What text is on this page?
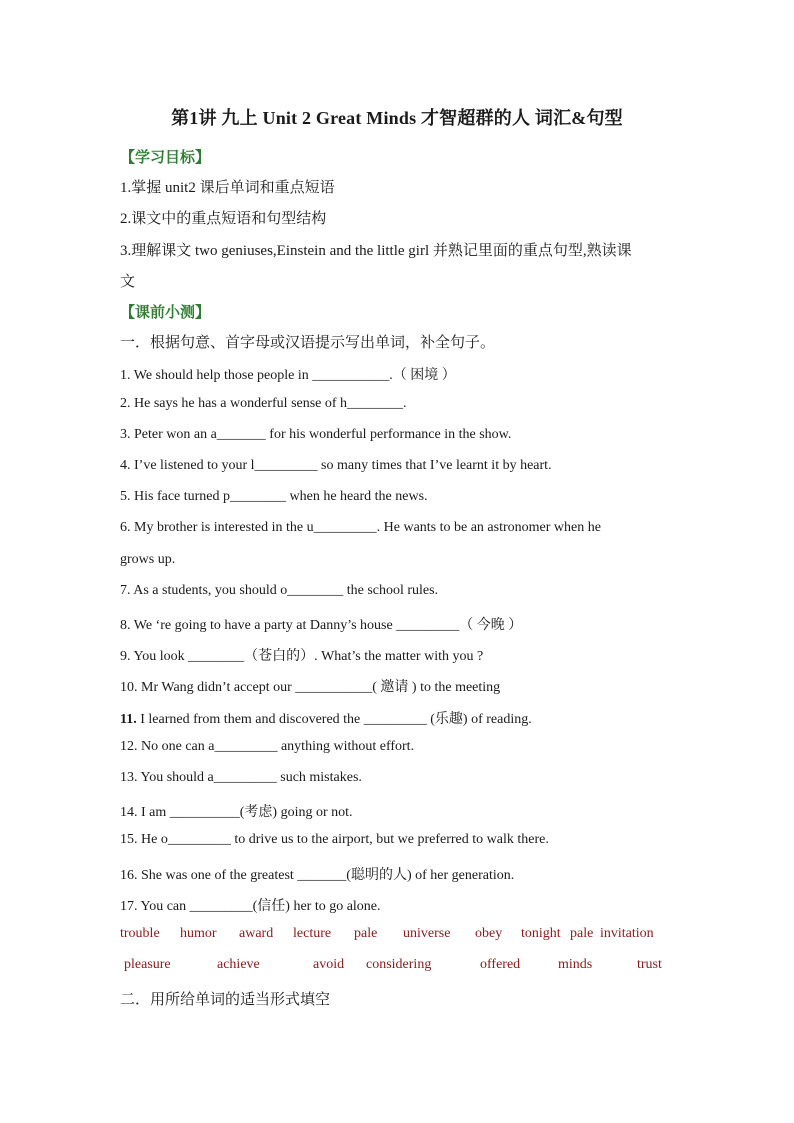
第1讲 九上 Unit 2 Great Minds 才智超群的人 词汇&句型
【学习目标】
1.掌握 unit2 课后单词和重点短语
2.课文中的重点短语和句型结构
3.理解课文 two geniuses,Einstein and the little girl 并熟记里面的重点句型,熟读课
文
【课前小测】
一．根据句意、首字母或汉语提示写出单词，补全句子。
1. We should help those people in ___________.（ 困境 ）
2. He says he has a wonderful sense of h________.
3. Peter won an a_______ for his wonderful performance in the show.
4. I’ve listened to your l_________ so many times that I’ve learnt it by heart.
5. His face turned p________ when he heard the news.
6. My brother is interested in the u_________. He wants to be an astronomer when he
grows up.
7. As a students, you should o________ the school rules.
8. We ‘re going to have a party at Danny’s house _________（ 今晚 ）
9. You look ________（苍白的）. What’s the matter with you ?
10. Mr Wang didn’t accept our ___________( 邀请 ) to the meeting
11. I learned from them and discovered the _________ (乐趣) of reading.
12. No one can a_________ anything without effort.
13. You should a_________ such mistakes.
14. I am __________(考虑) going or not.
15. He o_________ to drive us to the airport, but we preferred to walk there.
16. She was one of the greatest _______(聪明的人) of her generation.
17. You can _________(信任) her to go alone.
trouble humor award lecture pale universe obey tonight pale invitation
pleasure	achieve	avoid considering	offered	minds	trust
二．用所给单词的适当形式填空
